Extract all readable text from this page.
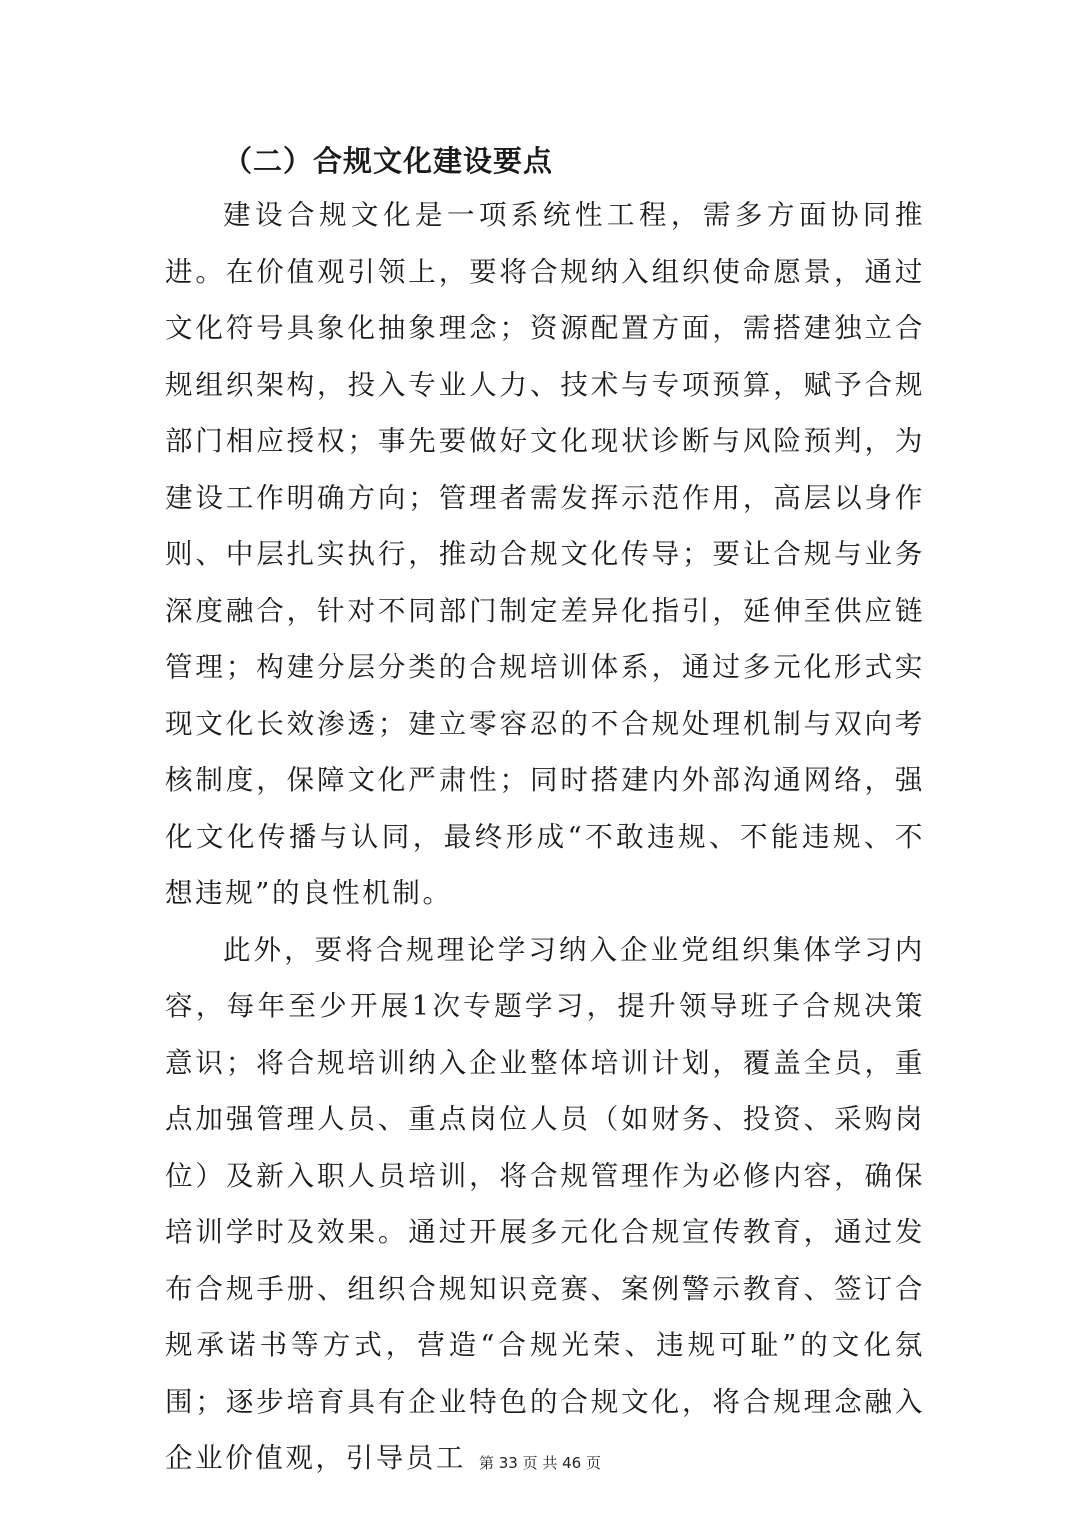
（二）合规文化建设要点

建设合规文化是一项系统性工程，需多方面协同推进。在价值观引领上，要将合规纳入组织使命愿景，通过文化符号具象化抽象理念；资源配置方面，需搭建独立合规组织架构，投入专业人力、技术与专项预算，赋予合规部门相应授权；事先要做好文化现状诊断与风险预判，为建设工作明确方向；管理者需发挥示范作用，高层以身作则、中层扎实执行，推动合规文化传导；要让合规与业务深度融合，针对不同部门制定差异化指引，延伸至供应链管理；构建分层分类的合规培训体系，通过多元化形式实现文化长效渗透；建立零容忍的不合规处理机制与双向考核制度，保障文化严肃性；同时搭建内外部沟通网络，强化文化传播与认同，最终形成“不敢违规、不能违规、不想违规”的良性机制。

此外，要将合规理论学习纳入企业党组织集体学习内容，每年至少开展1次专题学习，提升领导班子合规决策意识；将合规培训纳入企业整体培训计划，覆盖全员，重点加强管理人员、重点岗位人员（如财务、投资、采购岗位）及新入职人员培训，将合规管理作为必修内容，确保培训学时及效果。通过开展多元化合规宣传教育，通过发布合规手册、组织合规知识竞赛、案例警示教育、签订合规承诺书等方式，营造“合规光荣、违规可耻”的文化氛围；逐步培育具有企业特色的合规文化，将合规理念融入企业价值观，引导员工 第 33 页 共 46 页
